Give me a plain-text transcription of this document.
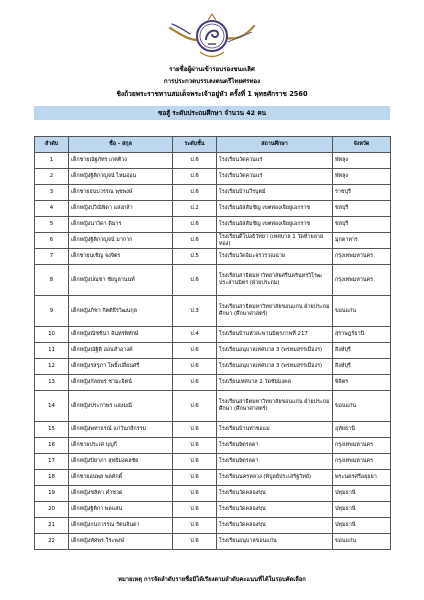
รายชื่อผู้ผ่านเข้ารอบรองชนะเลิศ
การประกวดบรรเลงดนตรีไทยศรทอง
ชิงถ้วยพระราชทานสมเด็จพระเจ้าอยู่หัว ครั้งที่ 1 พุทธศักราช 2560
ซอสู้ ระดับประถมศึกษา จำนวน 42 คน
ลำดับ	ชื่อ - สกุล	ระดับชั้น	สถานศึกษา	จังหวัด
1	เด็กชายณัฐภัทร เกตติวง	ป.6	โรงเรียนวัดควนแร่	พัทลุง
2	เด็กหญิงฐิติกาญจน์ ไหมอ่อน	ป.6	โรงเรียนวัดควนแร่	พัทลุง
3	เด็กชายธนบวรรณ พุชพงษ์	ป.6	โรงเรียนบ้านวีรบุตม์	ราชบุรี
4	เด็กหญิงปวิณิพิดา แสงกล้า	ป.2	โรงเรียนอัสสัมชัญ เขตทองเจียยูเอกราช	ชลบุรี
5	เด็กหญิงนาวิดา ดิมาร	ป.6	โรงเรียนอัสสัมชัญ เขตทองเจียยูเอกราช	ชลบุรี
6	เด็กหญิงฐิติกาญจน์ มากาก	ป.6	โรงเรียนดีโปอธิวัทยา (เทศบาล 1 วัดท้ายลายทอง)	มุกดาหาร
7	เด็กชายนเชิญ จงจิตร	ป.5	โรงเรียนวัดอิมะจรวรวณฉาย	กรุงเทพมหานคร
8	เด็กหญิงปณชา ชัยบูลานนท์	ป.6	โรงเรียนสาธิตมหาวิทยาลัยศรีนครินทรวิโรฒ ประสานมิตร (ฝ่ายประถม)	กรุงเทพมหานคร
9	เด็กหญิงภิชา กิตติธีรวิฒนกุล	ป.3	โรงเรียนสาธิตมหาวิทยาลัยขอนแก่น ฝ่ายประถมศึกษา (ศึกษาศาสตร์)	ขอนแก่น
10	เด็กหญิงณิชชินา อินทรพิทักษ์	ป.4	โรงเรียนบ้านหัวสะพานมิตรภาพที่ 217	สุราษฎร์ธานี
11	เด็กหญิงณัฐิติ อ่อนสำอางค์	ป.6	โรงเรียนอนุบาลเทศบาล 3 (พรหมสรรเมืองร)	สิงห์บุรี
12	เด็กหญิงรสรุภา โพธิ์เปลี่ยนศรี	ป.6	โรงเรียนอนุบาลเทศบาล 3 (พรหมสรรเมืองร)	สิงห์บุรี
13	เด็กหญิงกัลยพร ชามะจิตน์	ป.6	โรงเรียนเทศบาล 2 วัดชัยมงคล	พิจิตร
14	เด็กหญิงประกาพร แสงมณี	ป.6	โรงเรียนสาธิตมหาวิทยาลัยขอนแก่น ฝ่ายประถมศึกษา (ศึกษาศาสตร์)	ขอนแก่น
15	เด็กหญิงพทาธรณ์ แก่วันกสิกรรม	ป.6	โรงเรียนบ้านท่าชอแม	อุทัยธานี
16	เด็กชายประเศ บุญกี	ป.6	โรงเรียนจิตรลดา	กรุงเทพมหานคร
17	เด็กหญิงปิยาภา สุทธิมงคลชัย	ป.6	โรงเรียนจิตรลดา	กรุงเทพมหานคร
18	เด็กชายอนพล พลคักดิ์	ป.6	โรงเรียนนครหลวง (พิบูลย์ประเสริฐวิทย์)	พระนครศรีอยุธยา
19	เด็กหญิงชลิตา คำชวด	ป.6	โรงเรียนวัดคลองขุน	ปทุมธานี
20	เด็กหญิงฐิติกา พลแสน	ป.6	โรงเรียนวัดคลองขุน	ปทุมธานี
21	เด็กหญิงกนกวรรณ รัตนจินดา	ป.6	โรงเรียนวัดคลองขุน	ปทุมธานี
22	เด็กหญิงทัศพร วีระพงษ์	ป.6	โรงเรียนอนุบาลขอนแก่น	ขอนแก่น
หมายเหตุ การจัดลำดับรายชื่อมิได้เรียงตามลำดับคะแนนที่ได้ในรอบคัดเลือก
